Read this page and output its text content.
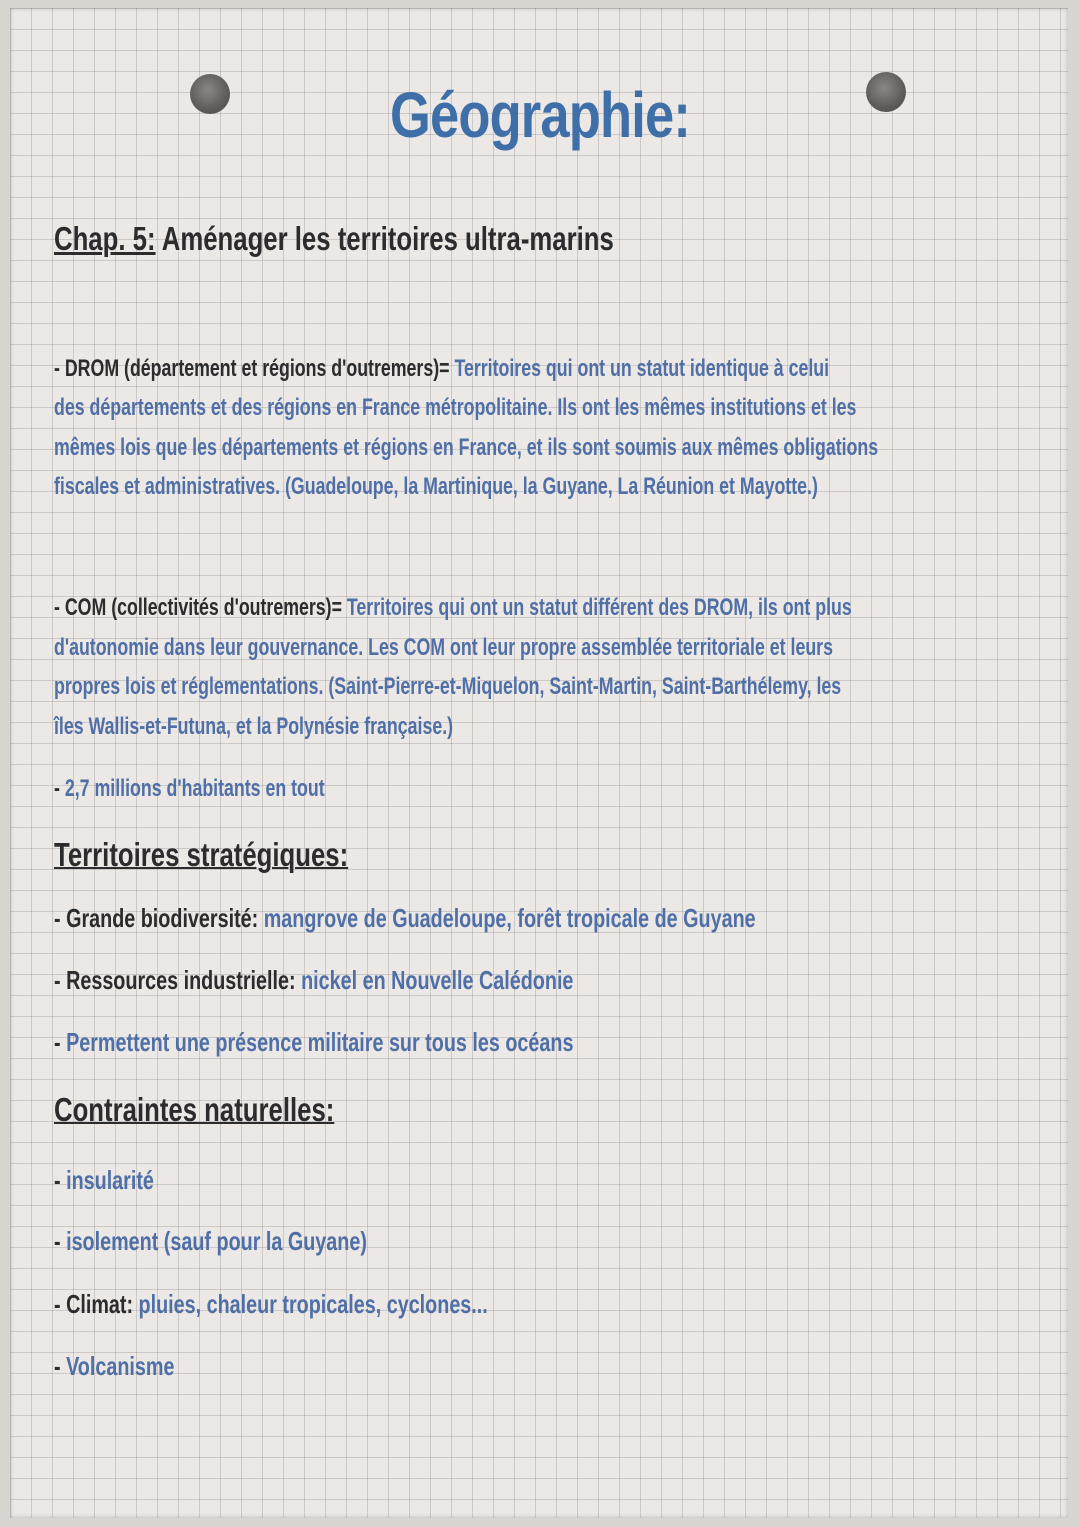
Géographie:
Chap. 5: Aménager les territoires ultra-marins
- DROM (département et régions d'outremers)= Territoires qui ont un statut identique à celui
des départements et des régions en France métropolitaine. Ils ont les mêmes institutions et les
mêmes lois que les départements et régions en France, et ils sont soumis aux mêmes obligations
fiscales et administratives. (Guadeloupe, la Martinique, la Guyane, La Réunion et Mayotte.)
- COM (collectivités d'outremers)= Territoires qui ont un statut différent des DROM, ils ont plus
d'autonomie dans leur gouvernance. Les COM ont leur propre assemblée territoriale et leurs
propres lois et réglementations. (Saint-Pierre-et-Miquelon, Saint-Martin, Saint-Barthélemy, les
îles Wallis-et-Futuna, et la Polynésie française.)
- 2,7 millions d'habitants en tout
Territoires stratégiques:
- Grande biodiversité: mangrove de Guadeloupe, forêt tropicale de Guyane
- Ressources industrielle: nickel en Nouvelle Calédonie
- Permettent une présence militaire sur tous les océans
Contraintes naturelles:
- insularité
- isolement (sauf pour la Guyane)
- Climat: pluies, chaleur tropicales, cyclones...
- Volcanisme
